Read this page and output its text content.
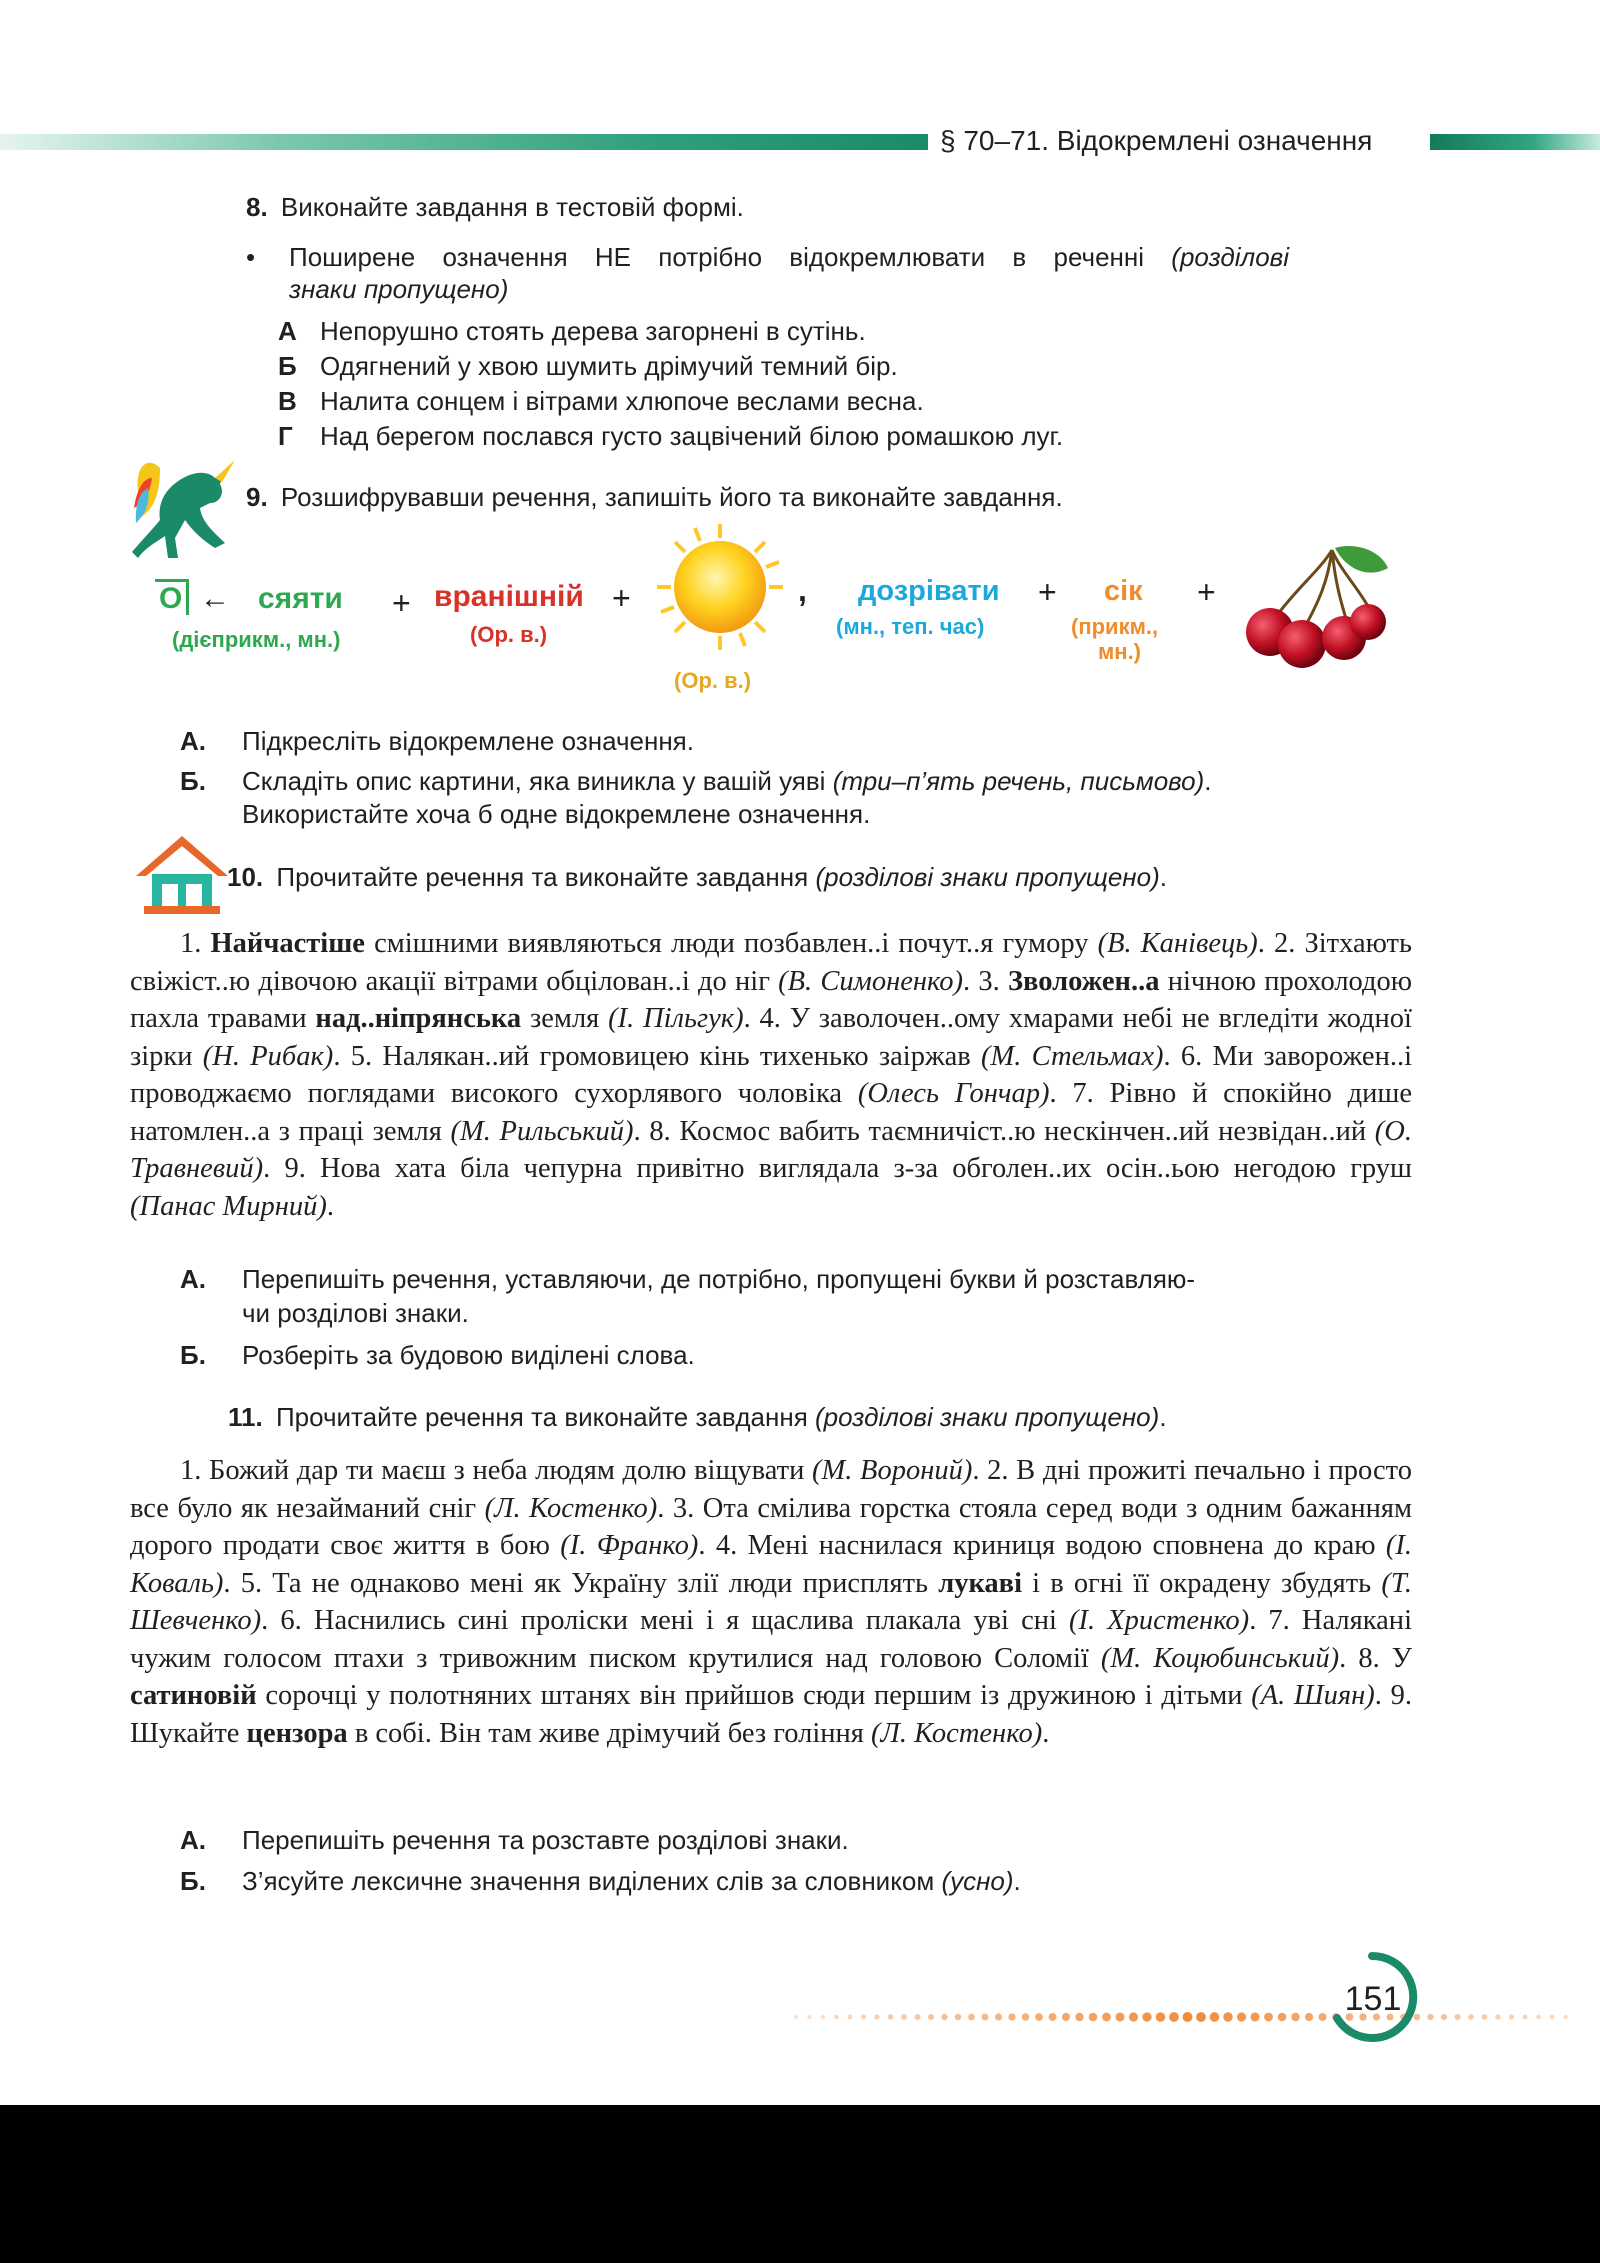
§ 70–71. Відокремлені означення
8. Виконайте завдання в тестовій формі.
• Поширене означення НЕ потрібно відокремлювати в реченні (розділові
знаки пропущено)
А Непорушно стоять дерева загорнені в сутінь.
Б Одягнений у хвою шумить дрімучий темний бір.
В Налита сонцем і вітрами хлюпоче веслами весна.
Г Над берегом послався густо зацвічений білою ромашкою луг.
9. Розшифрувавши речення, запишіть його та виконайте завдання.
О ← сяяти
(дієприкм., мн.)
+ вранішній
(Ор. в.)
+
(Ор. в.)
, дозрівати
(мн., теп. час)
+ сік
(прикм.,
мн.)
+
А. Підкресліть відокремлене означення.
Б. Складіть опис картини, яка виникла у вашій уяві (три–п’ять речень, письмово).
Використайте хоча б одне відокремлене означення.
10. Прочитайте речення та виконайте завдання (розділові знаки пропущено).

1. Найчастіше смішними виявляються люди позбавлен..і почут..я гумору (В. Канівець). 2. Зітхають свіжіст..ю дівочою акації вітрами обцілован..і до ніг (В. Симоненко). 3. Зволожен..а нічною прохолодою пахла травами над..ніпрянська земля (І. Пільгук). 4. У заволочен..ому хмарами небі не вгледіти жодної зірки (Н. Рибак). 5. Налякан..ий громовицею кінь тихенько заіржав (М. Стельмах). 6. Ми заворожен..і проводжаємо поглядами високого сухорлявого чоловіка (Олесь Гончар). 7. Рівно й спокійно дише натомлен..а з праці земля (М. Рильський). 8. Космос вабить таємничіст..ю нескінчен..ий незвідан..ий (О. Травневий). 9. Нова хата біла чепурна привітно виглядала з-за обголен..их осін..ьою негодою груш (Панас Мирний).

А. Перепишіть речення, уставляючи, де потрібно, пропущені букви й розставляю-
чи розділові знаки.
Б. Розберіть за будовою виділені слова.
11. Прочитайте речення та виконайте завдання (розділові знаки пропущено).

1. Божий дар ти маєш з неба людям долю віщувати (М. Вороний). 2. В дні прожиті печально і просто все було як незайманий сніг (Л. Костенко). 3. Ота смілива горстка стояла серед води з одним бажанням дорого продати своє життя в бою (І. Франко). 4. Мені наснилася криниця водою сповнена до краю (І. Коваль). 5. Та не однаково мені як Україну злії люди присплять лукаві і в огні її окрадену збудять (Т. Шевченко). 6. Наснились сині проліски мені і я щаслива плакала уві сні (І. Христенко). 7. Налякані чужим голосом птахи з тривожним писком крутилися над головою Соломії (М. Коцюбинський). 8. У сатиновій сорочці у полотняних штанях він прийшов сюди першим із дружиною і дітьми (А. Шиян). 9. Шукайте цензора в собі. Він там живе дрімучий без гоління (Л. Костенко).

А. Перепишіть речення та розставте розділові знаки.
Б. З’ясуйте лексичне значення виділених слів за словником (усно).
151
